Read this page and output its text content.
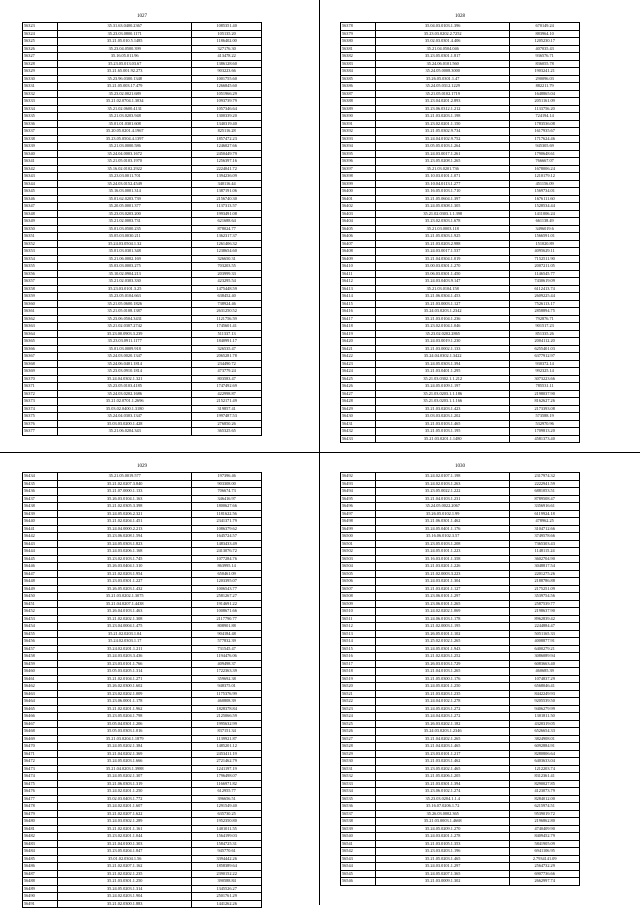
1027
56323	35.31.63.0400.2367	1085351.40
56324	35.23.03.0800.1171	105135.20
56325	35.21.05.010.5.1485	1186402.00
56326	35.23.04.0500.399	327176.30
56327	35.16.05.011.96	413478.22
56328	35.23.05.013.03.67	1386128.60
56329	35.21.65.001.92.273	903223.66
56330	35.23.96.0300.1348	1001755.60
56331	35.21.05.003.17.479	1266845.60
56332	35.23.02.0021.689	1051966.29
56333	35.21.02.0704.1.3034	1093739.79
56334	35.21.02.0600.4131	1057346.64
56335	35.21.03.0203.948	1300339.20
56336	35.01.01.0301.608	1340319.40
56337	35.20.05.0201.4.1967	825116.28
56338	35.23.05.0504.4.1397	1857472.23
56339	35.21.03.0000.586	1246027.66
56340	35.24.04.0003.1672	2450449.79
56341	35.21.05.0103.1970	1256397.16
56342	35.16.02.0102.2922	2224041.72
56343	35.23.03.0011.701	1394236.09
56344	35.24.03.0152.4549	340116.44
56345	35.16.03.0001.314	1387191.06
56346	35.01.62.0203.739	2156740.30
56347	35.20.05.0001.377	1137313.57
56348	35.23.03.0203.200	1993491.08
56349	35.21.02.0003.731	621688.64
56350	35.01.03.0500.235	878024.77
56351	35.05.03.0030.211	1362317.37
56352	35.24.03.0504.1.32	1261406.32
56353	35.01.03.0301.348	1238654.60
56354	35.21.06.0002.169	326650.31
56355	35.03.03.0003.275	703203.55
56356	35.10.02.0904.213	203999.33
56357	35.21.02.0303.330	423295.54
56358	35.23.03.0101.3.25	1475448.59
56359	35.23.05.0104.663	638452.40
56360	35.21.05.0600.1826	738924.46
56361	35.21.05.0108.1387	2631250.52
56362	35.23.06.0504.3431	1121756.59
56363	35.21.02.0307.2742	1745601.41
56364	35.23.00.0903.3.239	511337.13
56365	35.23.03.0911.1177	1840991.17
56366	35.01.03.0009.918	326535.47
56367	35.24.03.0020.1347	2065281.78
56368	35.24.06.0401.1814	234490.72
56369	35.23.03.0910.1814	473779.24
56370	35.24.04.0302.1.321	803583.47
56371	35.23.05.0103.4185	1747492.69
56372	35.24.03.0202.1686	422998.87
56373	35.21.02.0701.1.2696	2152171.49
56374	35.03.02.0400.1.3180	319857.41
56375	35.24.04.0303.1347	1997487.53
56376	35.03.03.0200.1.428	276850.26
56377	35.21.06.0204.343	365325.65
1028
56378	35.04.03.0103.1.396	670149.24
56379	35.23.03.0202.2.7252	883964.10
56380	35.02.03.0301.4.406	1205230.17
56381	35.21.04.0504.046	407035.43
56382	35.23.05.0301.1.817	936576.71
56383	35.24.06.0101.560	836055.78
56384	35.24.05.0008.3000	1903241.21
56385	35.26.05.0301.1.47	290096.03
56386	35.24.05.0312.1229	882211.79
56387	35.21.05.0102.1719	1648865.04
56388	35.23.04.0201.2.893	2051161.09
56389	35.23.06.0312.1.212	1133756.20
56390	35.21.03.0203.1.198	724194.14
56391	35.23.02.0201.1.150	1783536.08
56392	35.21.05.0302.9.734	1617935.67
56393	35.24.04.0102.9.752	1717624.46
56394	35.05.05.0103.1.264	945305.69
56395	35.24.03.0017.1.261	1790648.61
56396	35.23.05.0208.1.265	766667.07
56397	35.21.03.0201.736	1678006.24
56398	35.10.03.0101.1.071	1210179.12
56399	35.10.04.0113.1.277	451156.09
56400	35.16.05.0103.1.710	1569734.01
56401	35.21.05.0604.1.397	1676111.60
56402	35.24.05.0308.1.305	1528534.44
56403	35.21.02.0303.1.1.398	1411006.24
56404	35.23.02.0303.1.678	661138.49
56405	35.21.03.0003.118	3496019.6
56406	35.21.05.0303.1.925	1566591.01
56407	35.21.03.0203.2.988	151020.89
56408	35.24.03.0017.1.537	4095629.11
56409	35.21.04.0304.1.019	7152511.90
56410	35.00.03.0301.1.270	2007211.05
56411	35.06.03.0301.1.450	1146545.77
56412	35.24.03.0403.9.147	7430619.09
56413	35.21.03.0104.158	6112413.74
56414	35.21.06.0304.1.453	2609225.44
56415	35.21.03.0003.1.127	7526113.17
56416	35.24.03.0203.1.2342	2858894.75
56417	35.21.03.0104.1.236	792876.71
56418	35.23.02.0104.1.046	901517.23
56419	35.23.02.0202.2865	851335.26
56420	35.24.03.0019.1.230	2004112.20
56421	35.21.03.0002.1.133	6255401.03
56422	35.24.04.0302.1.3422	6377912.97
56423	35.24.05.0303.1.394	930372.14
56424	35.21.03.0401.1.295	992325.14
56425	35.21.03.0302.1.1.212	3073223.66
56426	35.24.05.0109.1.197	785531.11
56427	35.21.03.0203.1.1.186	2198037.90
56428	35.21.03.0203.1.1.166	8162627.26
56429	35.21.03.0203.1.423	2173393.08
56430	35.03.03.0203.1.202	573588.19
56431	35.21.03.0103.1.465	532970.96
56432	35.21.05.0103.1.195	1709813.20
56433	35.21.03.0201.1.1480	4581373.40
1029
56434	35.21.05.0019.577	197396.46
56435	35.21.02.0207.3.840	903308.00
56436	35.21.07.0000.1.133	706674.73
56437	35.26.03.0104.1.163	346416.97
56438	35.21.02.0305.3.398	1800627.66
56439	35.24.05.0206.2.321	1181622.56
56440	35.21.02.0204.1.451	2341371.79
56441	35.24.04.0000.2.213	1086379.62
56442	35.23.06.0208.1.594	1645724.57
56443	35.24.05.0303.1.823	1483433.49
56444	35.24.03.0206.1.168	2413076.72
56445	35.23.02.0103.1.745	1077284.76
56446	35.26.03.0404.1.310	863995.14
56447	35.21.02.0203.1.954	650461.09
56448	35.23.03.0301.1.227	1203395.07
56449	35.26.05.0203.1.432	1006543.77
56450	35.21.03.0202.1.3075	2581267.27
56451	35.21.04.0207.1.4438	1914691.22
56452	35.26.04.0103.1.463	1008671.66
56453	35.21.02.0202.1.308	2117790.77
56454	35.23.04.0004.1.475	808901.88
56455	35.21.02.0203.1.04	904184.48
56456	35.24.02.0303.1.17	577832.39
56457	35.24.02.0201.1.211	731545.47
56458	35.24.03.0203.3.436	1194476.06
56459	35.23.03.0101.1.766	409498.37
56460	35.05.03.0205.1.314	1722363.39
56461	35.21.02.0104.1.271	359692.38
56462	35.26.02.0300.1.602	948375.01
56463	35.23.02.0202.1.009	1175376.99
56464	35.23.06.0001.1.178	460808.39
56465	35.21.02.0201.1.962	1828378.84
56466	35.23.05.0204.1.798	2125066.59
56467	35.05.04.0301.1.206	1995632.99
56468	35.05.03.0303.1.016	837151.34
56469	35.21.03.0204.1.1879	1139921.87
56470	35.24.05.0202.1.384	1485201.12
56471	35.21.04.0202.1.369	2453411.19
56472	35.24.05.0203.1.666	2721462.79
56473	35.21.04.0203.1.3988	1241197.19
56474	35.24.05.0202.1.307	1796498.07
56475	35.21.06.0303.1.319	1166971.82
56476	35.24.02.0201.1.250	612955.77
56477	35.02.03.0403.1.772	396656.51
56478	35.24.02.0201.1.607	1291549.40
56479	35.21.02.0207.1.622	635730.25
56480	35.24.03.0302.1.289	1952350.80
56481	35.21.02.0201.1.161	1401011.55
56482	35.23.02.0201.1.044	1564199.03
56483	35.21.04.0100.1.303	1584725.31
56484	35.23.05.0204.1.847	945770.61
56485	35.01.02.0304.1.56	3394442.26
56486	35.21.02.0207.1.162	1858389.64
56487	35.21.02.0202.1.235	2390152.22
56488	35.21.03.0301.1.250	390588.84
56489	35.24.05.0203.1.314	1345526.27
56490	35.24.02.0203.1.904	2501761.29
56491	35.21.02.0300.1.883	1441262.26
1030
56492	35.24.02.0107.1.198	2317974.32
56493	35.24.02.0103.1.263	2222941.59
56494	35.23.05.0022.1.222	6881053.51
56495	35.21.04.0103.1.231	8789508.47
56496	35.24.05.0022.2067	3356916.61
56497	35.26.05.0102.1.99	6119924.18
56498	35.21.06.0301.1.462	478962.25
56499	35.24.05.0401.1.176	3104712.66
56500	35.16.06.0102.3.57	3749578.66
56501	35.23.05.0103.1.208	7365303.43
56502	35.24.05.0101.1.223	1148115.24
56503	35.16.03.0101.1.358	3602704.90
56504	35.21.03.0201.1.226	3048817.54
56505	35.21.02.0003.3.223	2201275.26
56506	35.24.03.0201.1.304	2188786.88
56507	35.21.03.0201.1.127	2175251.09
56508	35.23.06.0101.1.297	3539754.56
56509	35.23.06.0101.1.265	2587539.77
56510	35.24.02.0202.1.069	2198637.90
56511	35.24.06.0103.1.178	8962839.42
56512	35.21.02.0003.1.195	2244884.47
56513	35.26.05.0101.1.102	5051165.33
56514	35.25.02.0102.1.265	4008877.91
56515	35.24.05.0301.1.943	6400279.21
56516	35.21.02.0203.1.252	3086089.94
56517	35.26.03.0103.1.729	6083663.40
56518	35.21.04.0103.1.265	460685.39
56519	35.21.05.0300.1.176	1074837.29
56520	35.24.05.0201.1.250	6568046.41
56521	35.21.03.0203.1.235	8442249.93
56522	35.24.04.0102.1.278	9205539.50
56523	35.24.05.0203.1.272	9406279.99
56524	35.24.04.0203.1.272	1301811.50
56525	35.26.03.0202.1.182	4320319.05
56526	35.24.03.0203.1.2346	6526654.33
56527	35.21.04.0202.1.265	3824908.01
56528	35.21.04.0203.1.465	6092884.91
56529	35.23.03.0101.1.217	8280806.64
56530	35.21.03.0203.1.462	6403633.04
56531	35.23.05.0202.1.465	1212203.74
56532	35.21.05.0206.1.205	8312361.41
56533	35.21.03.0301.1.394	8290027.85
56534	35.23.06.0102.1.274	4123073.79
56535	35.23.03.0204.1.1.4	8284012.00
56536	35.16.07.0206.1.72	6215974.51
56537	35.26.03.0002.365	9539019.72
56538	35.21.03.0003.1.4668	2196862.80
56539	35.24.05.0209.1.270	4740409.90
56540	35.24.03.0201.1.278	8409452.79
56541	35.21.03.0105.1.353	5841905.09
56542	35.23.03.0203.1.196	6941106.95
56543	35.21.05.0203.1.465	2.7934141.09
56544	35.24.03.0101.1.297	2564732.29
56545	35.24.05.0207.1.365	6907736.66
56546	35.21.03.0009.1.302	2662997.74
